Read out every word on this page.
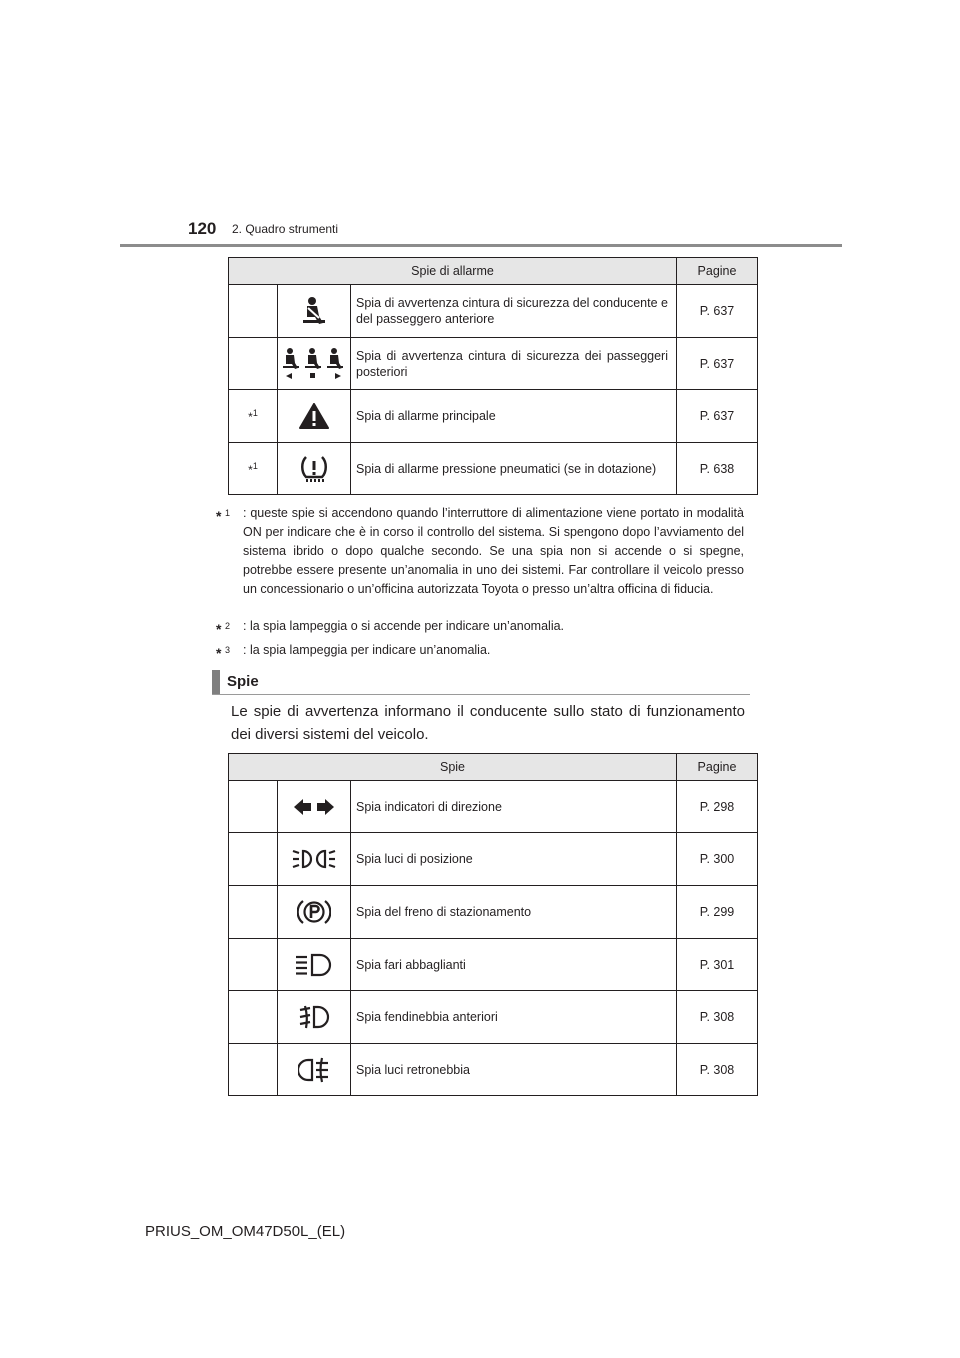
120 2. Quadro strumenti
Spie di allarme			Pagine

	Spia di avvertenza cintura di sicurezza del conducente e del passeggero anteriore	P. 637

	Spia di avvertenza cintura di sicurezza dei passeggeri posteriori	P. 637
*$^1$		Spia di allarme principale	P. 637
*$^1$		Spia di allarme pressione pneumatici (se in dotazione)	P. 638
* $^1$ : queste spie si accendono quando l’interruttore di alimentazione viene portato in modalità ON per indicare che è in corso il controllo del sistema. Si spengono dopo l’avviamento del sistema ibrido o dopo qualche secondo. Se una spia non si accende o si spegne, potrebbe essere presente un’anomalia in uno dei sistemi. Far controllare il veicolo presso un concessionario o un’officina autorizzata Toyota o presso un’altra officina di fiducia.
* $^2$ : la spia lampeggia o si accende per indicare un’anomalia.
* $^3$ : la spia lampeggia per indicare un’anomalia.
Spie
Le spie di avvertenza informano il conducente sullo stato di funzionamento dei diversi sistemi del veicolo.
Spie			Pagine

	Spia indicatori di direzione	P. 298

	Spia luci di posizione	P. 300

	Spia del freno di stazionamento	P. 299

	Spia fari abbaglianti	P. 301

	Spia fendinebbia anteriori	P. 308

	Spia luci retronebbia	P. 308
PRIUS_OM_OM47D50L_(EL)
